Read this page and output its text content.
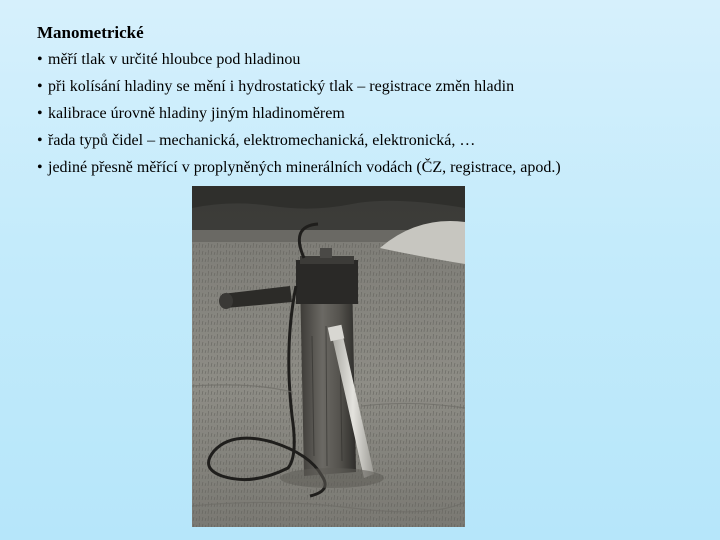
Manometrické
• měří tlak v určité hloubce pod hladinou
• při kolísání hladiny se mění i hydrostatický tlak – registrace změn hladin
• kalibrace úrovně hladiny jiným hladinoměrem
• řada typů čidel – mechanická, elektromechanická, elektronická, …
• jediné přesně měřící v proplyněných minerálních vodách (ČZ, registrace, apod.)
